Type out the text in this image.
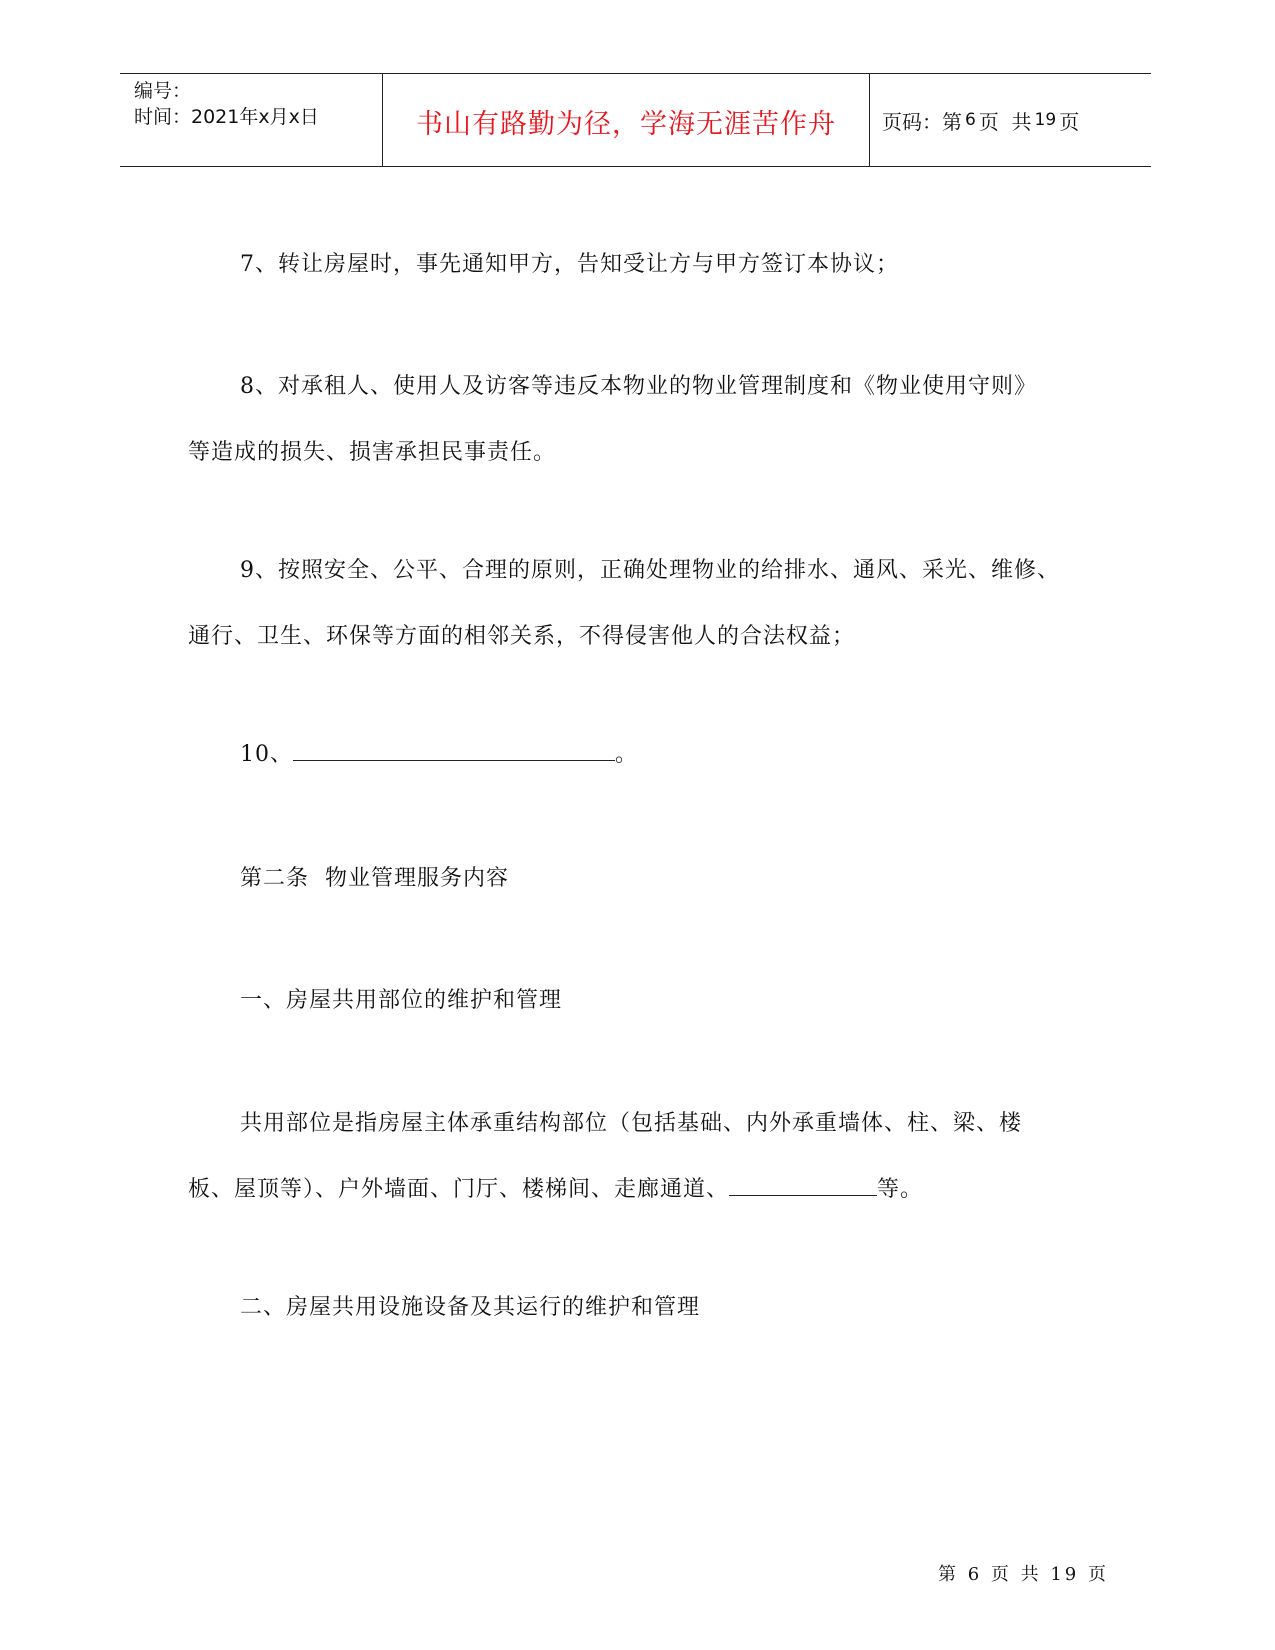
编号：
时间：2021年x月x日	书山有路勤为径，学海无涯苦作舟	页码：第 6 页  共 19 页

7、转让房屋时，事先通知甲方，告知受让方与甲方签订本协议；

8、对承租人、使用人及访客等违反本物业的物业管理制度和《物业使用守则》
等造成的损失、损害承担民事责任。
9、按照安全、公平、合理的原则，正确处理物业的给排水、通风、采光、维修、
通行、卫生、环保等方面的相邻关系，不得侵害他人的合法权益；
10、	。

第二条  物业管理服务内容

一、房屋共用部位的维护和管理

共用部位是指房屋主体承重结构部位（包括基础、内外承重墙体、柱、梁、楼
板、屋顶等）、户外墙面、门厅、楼梯间、走廊通道、	等。

二、房屋共用设施设备及其运行的维护和管理

第 6 页 共 19 页
